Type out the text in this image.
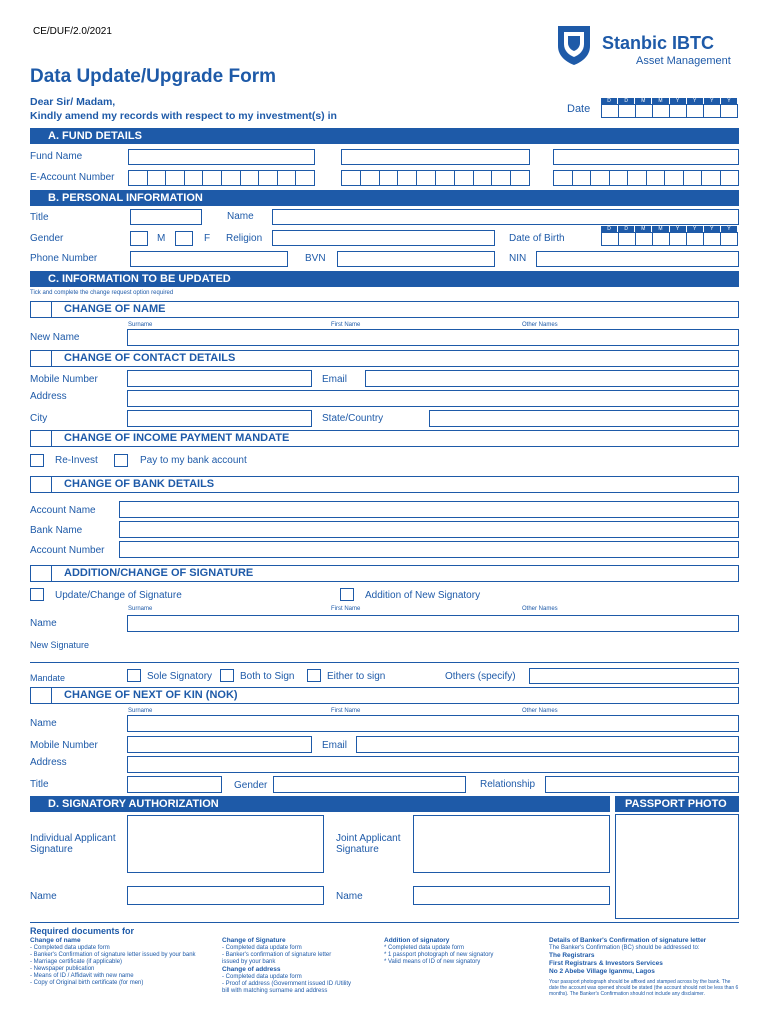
CE/DUF/2.0/2021
Stanbic IBTC
Asset Management
Data Update/Upgrade Form
Dear Sir/ Madam,
Kindly amend my records with respect to my investment(s) in
Date
D	D	M	M	Y	Y	Y	Y
A. FUND DETAILS
Fund Name
E-Account Number
B. PERSONAL INFORMATION
Title	Name
Gender	M	F Religion	Date of Birth
D	D	M	M	Y	Y	Y	Y
Phone Number	BVN	NIN
C. INFORMATION TO BE UPDATED
Tick and complete the change request option required
CHANGE OF NAME
Surname	First Name	Other Names
New Name
CHANGE OF CONTACT DETAILS
Mobile Number	Email
Address
City	State/Country
CHANGE OF INCOME PAYMENT MANDATE
Re-Invest	Pay to my bank account
CHANGE OF BANK DETAILS
Account Name
Bank Name
Account Number
ADDITION/CHANGE OF SIGNATURE
Update/Change of Signature	Addition of New Signatory
Surname	First Name	Other Names
Name
New Signature
Mandate	Sole Signatory	Both to Sign	Either to sign	Others (specify)
CHANGE OF NEXT OF KIN (NOK)
Surname	First Name	Other Names
Name
Mobile Number	Email
Address
Title	Gender	Relationship
D. SIGNATORY AUTHORIZATION	PASSPORT PHOTO
Individual Applicant
Signature
Joint Applicant
Signature
Name	Name
Required documents for
Change of name
- Completed data update form
- Banker's Confirmation of signature letter issued by your bank
- Marriage certificate (if applicable)
- Newspaper publication
- Means of ID / Affidavit with new name
- Copy of Original birth certificate (for men)
Change of Signature
- Completed data update form
- Banker's confirmation of signature letter
issued by your bank
Change of address
- Completed data update form
- Proof of address (Government issued ID /Utility
bill with matching surname and address
Addition of signatory
* Completed data update form
* 1 passport photograph of new signatory
* Valid means of ID of new signatory
Details of Banker's Confirmation of signature letter
The Banker's Confirmation (BC) should be addressed to:
The Registrars
First Registrars & Investors Services
No 2 Abebe Village Iganmu, Lagos

Your passport photograph should be affixed and stamped across by the bank. The date the account was opened should be stated (the account should not be less than 6 months). The Banker's Confirmation should not include any disclaimer.
